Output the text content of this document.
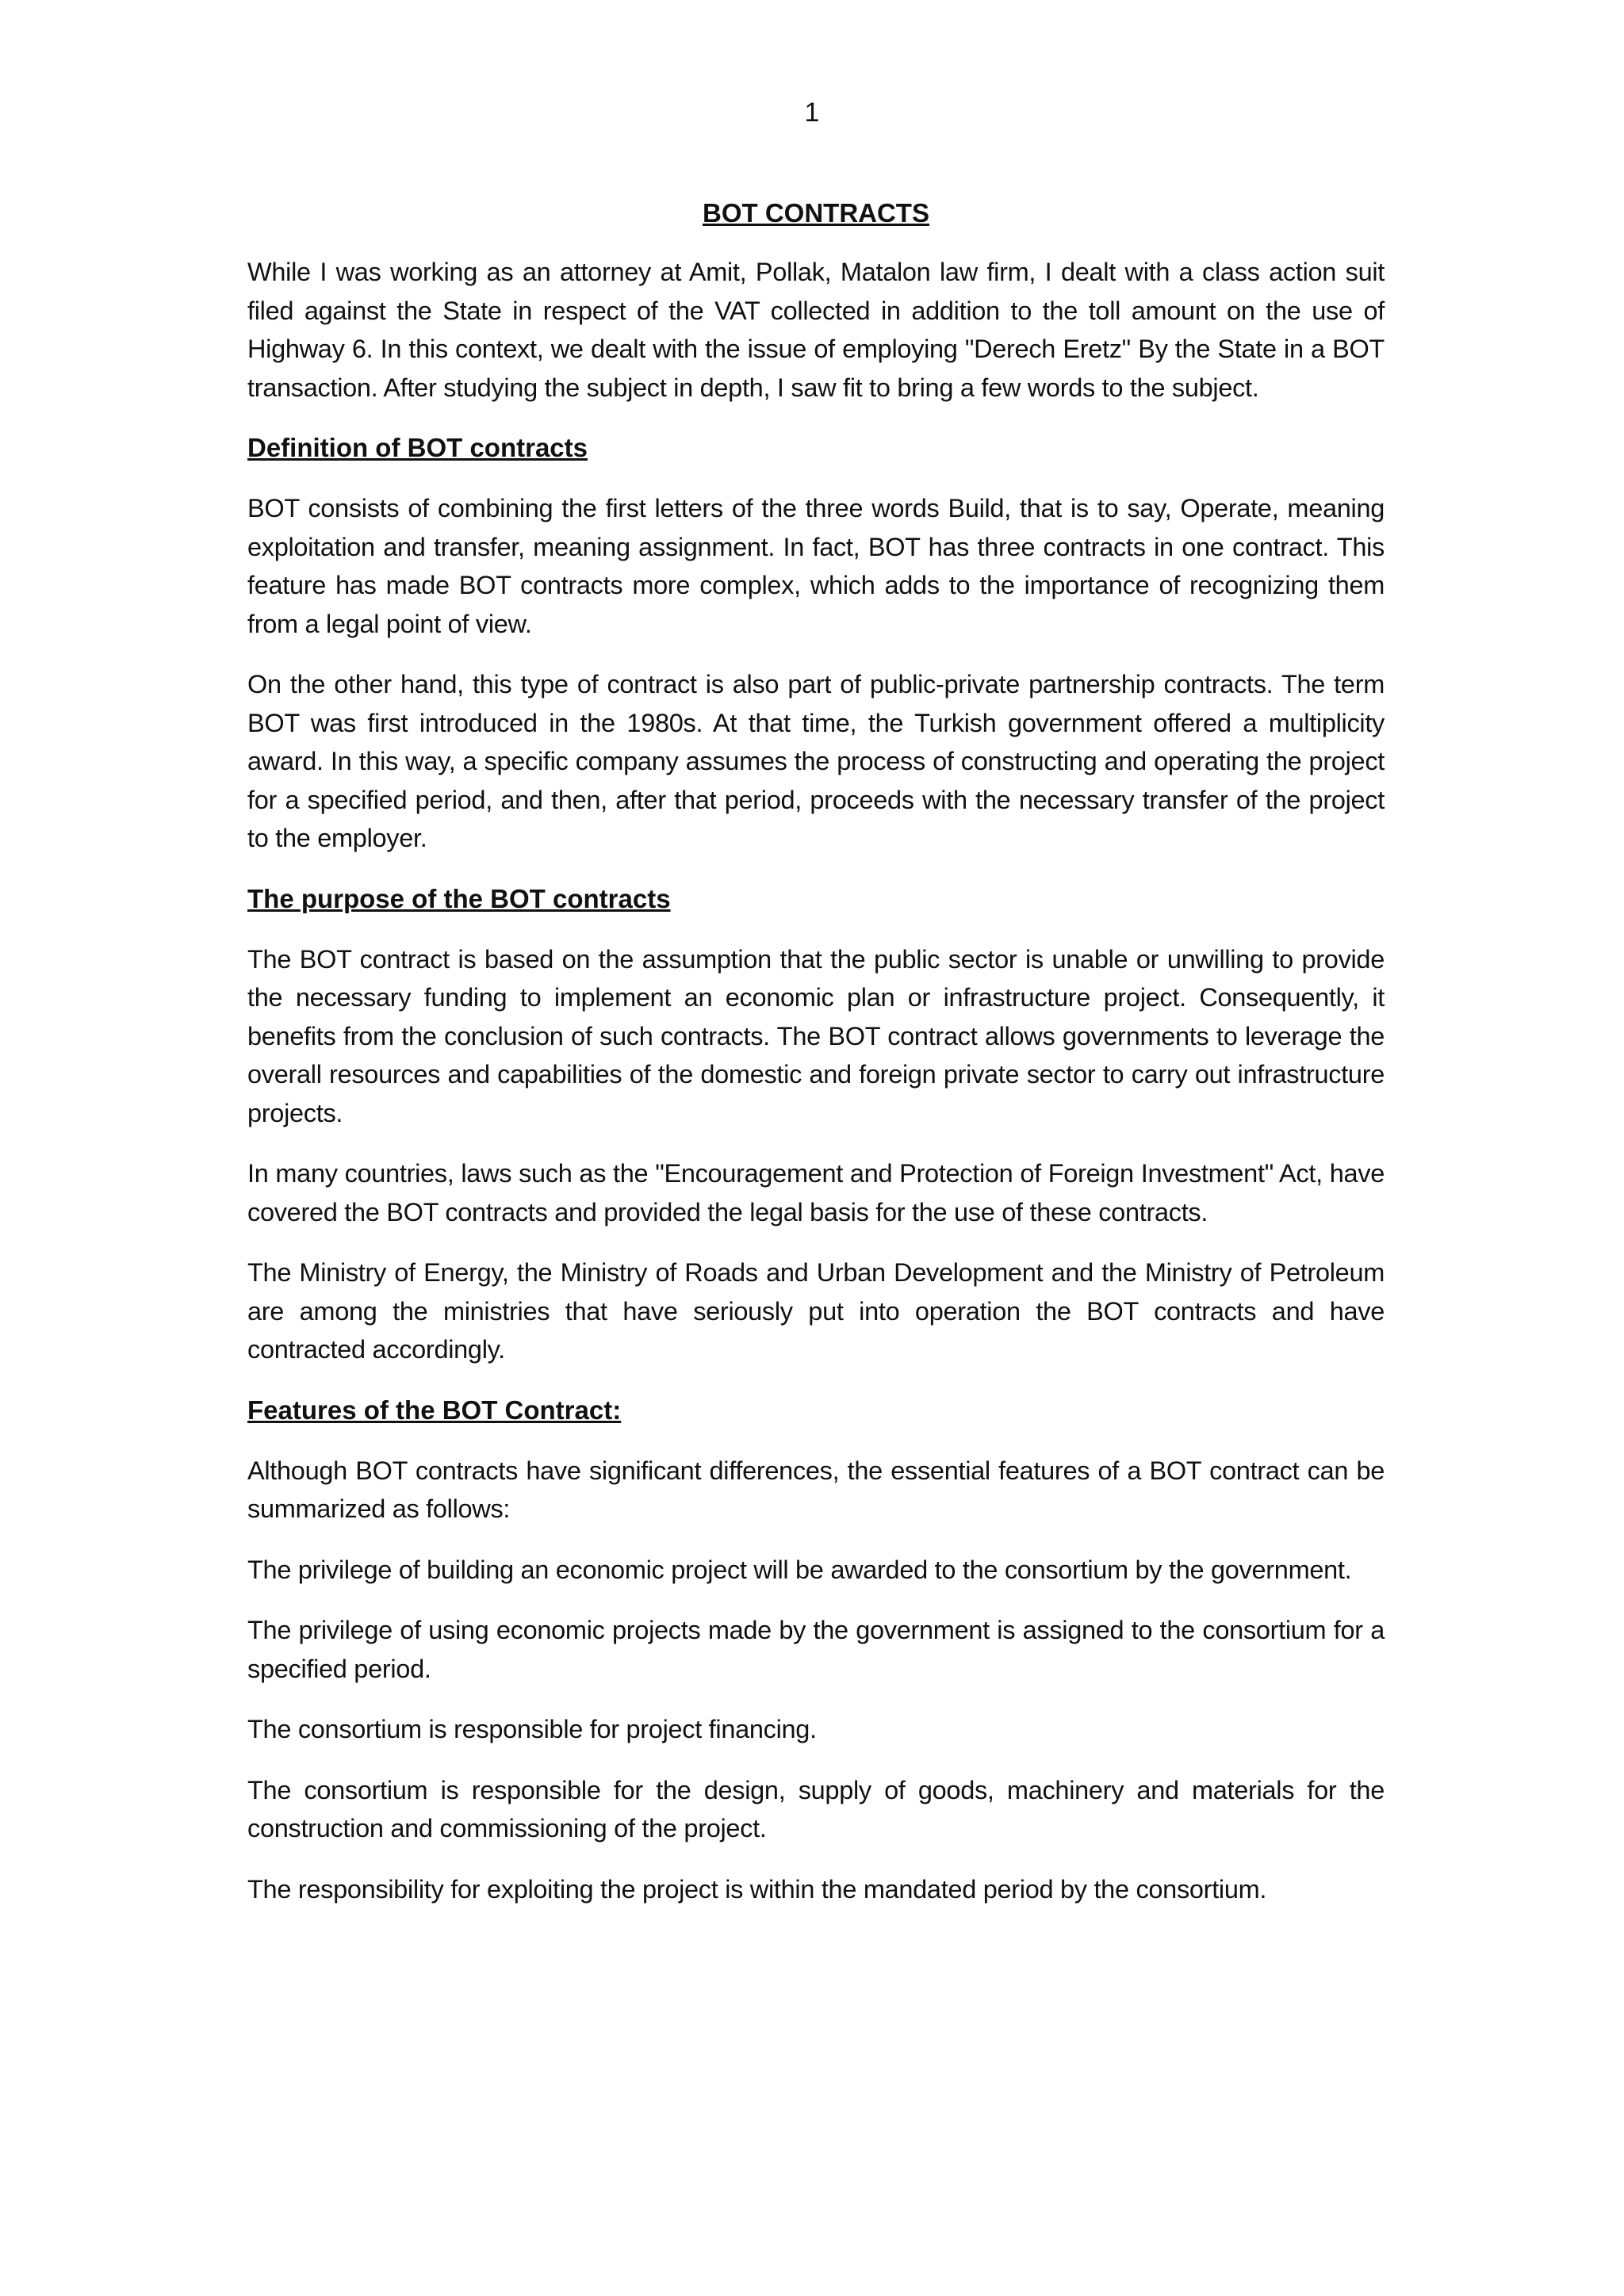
1
BOT CONTRACTS
While I was working as an attorney at Amit, Pollak, Matalon law firm, I dealt with a class action suit filed against the State in respect of the VAT collected in addition to the toll amount on the use of Highway 6. In this context, we dealt with the issue of employing "Derech Eretz" By the State in a BOT transaction. After studying the subject in depth, I saw fit to bring a few words to the subject.
Definition of BOT contracts
BOT consists of combining the first letters of the three words Build, that is to say, Operate, meaning exploitation and transfer, meaning assignment. In fact, BOT has three contracts in one contract. This feature has made BOT contracts more complex, which adds to the importance of recognizing them from a legal point of view.
On the other hand, this type of contract is also part of public-private partnership contracts. The term BOT was first introduced in the 1980s. At that time, the Turkish government offered a multiplicity award. In this way, a specific company assumes the process of constructing and operating the project for a specified period, and then, after that period, proceeds with the necessary transfer of the project to the employer.
The purpose of the BOT contracts
The BOT contract is based on the assumption that the public sector is unable or unwilling to provide the necessary funding to implement an economic plan or infrastructure project. Consequently, it benefits from the conclusion of such contracts. The BOT contract allows governments to leverage the overall resources and capabilities of the domestic and foreign private sector to carry out infrastructure projects.
In many countries, laws such as the "Encouragement and Protection of Foreign Investment" Act, have covered the BOT contracts and provided the legal basis for the use of these contracts.
The Ministry of Energy, the Ministry of Roads and Urban Development and the Ministry of Petroleum are among the ministries that have seriously put into operation the BOT contracts and have contracted accordingly.
Features of the BOT Contract:
Although BOT contracts have significant differences, the essential features of a BOT contract can be summarized as follows:
The privilege of building an economic project will be awarded to the consortium by the government.
The privilege of using economic projects made by the government is assigned to the consortium for a specified period.
The consortium is responsible for project financing.
The consortium is responsible for the design, supply of goods, machinery and materials for the construction and commissioning of the project.
The responsibility for exploiting the project is within the mandated period by the consortium.
